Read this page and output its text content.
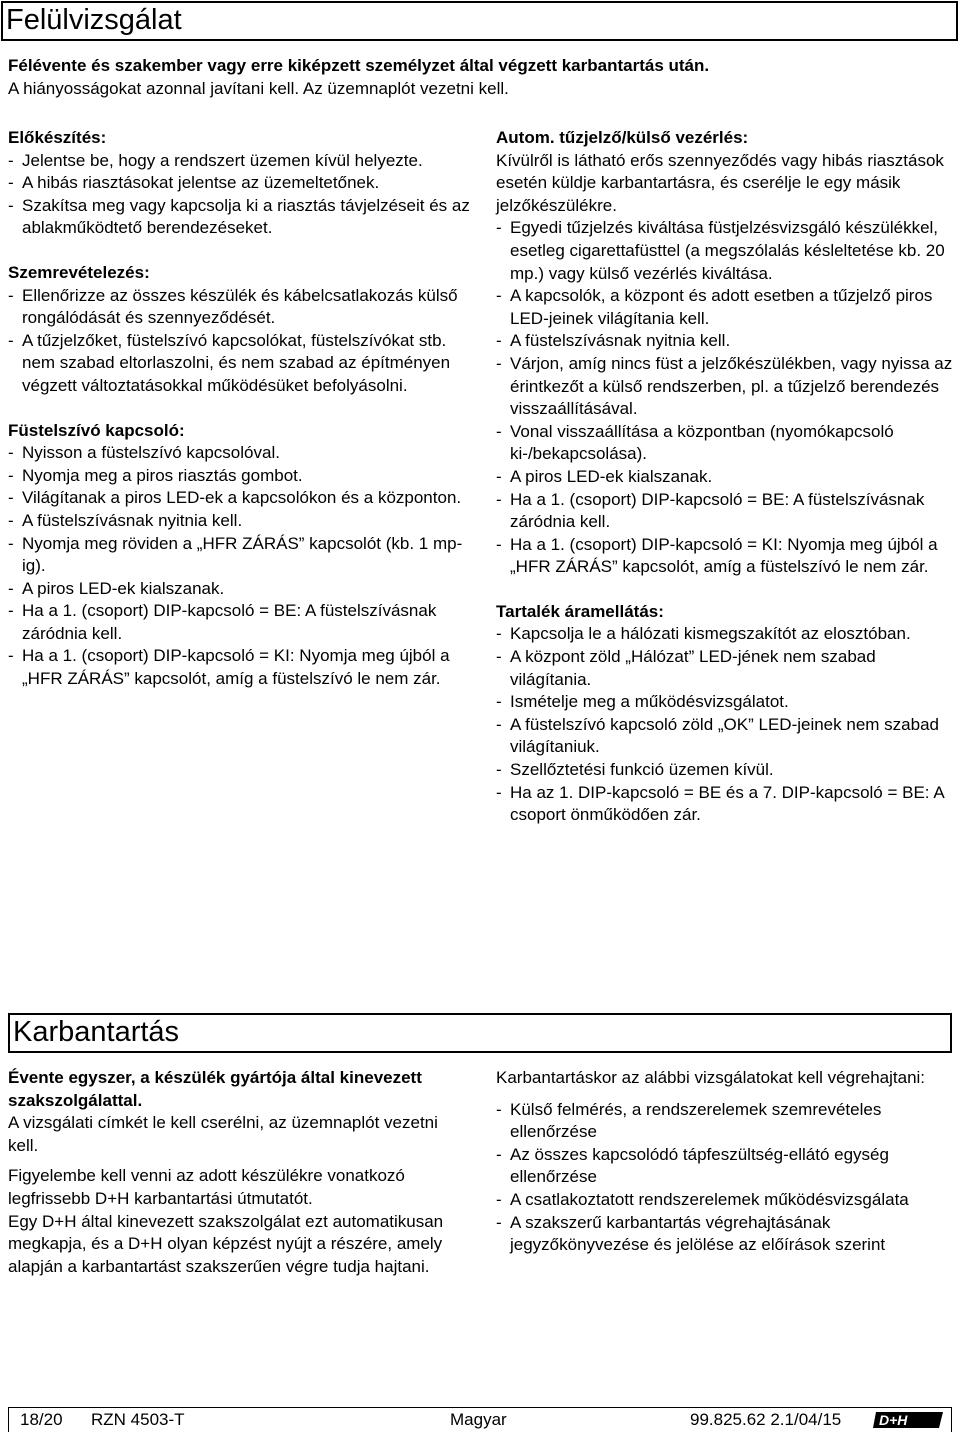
Felülvizsgálat

Félévente és szakember vagy erre kiképzett személyzet által végzett karbantartás után.

A hiányosságokat azonnal javítani kell. Az üzemnaplót vezetni kell.

Előkészítés:

- Jelentse be, hogy a rendszert üzemen kívül helyezte.
- A hibás riasztásokat jelentse az üzemeltetőnek.
- Szakítsa meg vagy kapcsolja ki a riasztás távjelzéseit és az ablakműködtető berendezéseket.

Szemrevételezés:

- Ellenőrizze az összes készülék és kábelcsatlakozás külső rongálódását és szennyeződését.
- A tűzjelzőket, füstelszívó kapcsolókat, füstelszívókat stb. nem szabad eltorlaszolni, és nem szabad az építményen végzett változtatásokkal működésüket befolyásolni.

Füstelszívó kapcsoló:

- Nyisson a füstelszívó kapcsolóval.
- Nyomja meg a piros riasztás gombot.
- Világítanak a piros LED-ek a kapcsolókon és a központon.
- A füstelszívásnak nyitnia kell.
- Nyomja meg röviden a „HFR ZÁRÁS” kapcsolót (kb. 1 mp-ig).
- A piros LED-ek kialszanak.
- Ha a 1. (csoport) DIP-kapcsoló = BE: A füstelszívásnak záródnia kell.
- Ha a 1. (csoport) DIP-kapcsoló = KI: Nyomja meg újból a „HFR ZÁRÁS” kapcsolót, amíg a füstelszívó le nem zár.

Autom. tűzjelző/külső vezérlés:

Kívülről is látható erős szennyeződés vagy hibás riasztások esetén küldje karbantartásra, és cserélje le egy másik jelzőkészülékre.

- Egyedi tűzjelzés kiváltása füstjelzésvizsgáló készülékkel, esetleg cigarettafüsttel (a megszólalás késleltetése kb. 20 mp.) vagy külső vezérlés kiváltása.
- A kapcsolók, a központ és adott esetben a tűzjelző piros LED-jeinek világítania kell.
- A füstelszívásnak nyitnia kell.
- Várjon, amíg nincs füst a jelzőkészülékben, vagy nyissa az érintkezőt a külső rendszerben, pl. a tűzjelző berendezés visszaállításával.
- Vonal visszaállítása a központban (nyomókapcsoló ki-/bekapcsolása).
- A piros LED-ek kialszanak.
- Ha a 1. (csoport) DIP-kapcsoló = BE: A füstelszívásnak záródnia kell.
- Ha a 1. (csoport) DIP-kapcsoló = KI: Nyomja meg újból a „HFR ZÁRÁS” kapcsolót, amíg a füstelszívó le nem zár.

Tartalék áramellátás:

- Kapcsolja le a hálózati kismegszakítót az elosztóban.
- A központ zöld „Hálózat” LED-jének nem szabad világítania.
- Ismételje meg a működésvizsgálatot.
- A füstelszívó kapcsoló zöld „OK” LED-jeinek nem szabad világítaniuk.
- Szellőztetési funkció üzemen kívül.
- Ha az 1. DIP-kapcsoló = BE és a 7. DIP-kapcsoló = BE: A csoport önműködően zár.
Karbantartás

Évente egyszer, a készülék gyártója által kinevezett szakszolgálattal.

A vizsgálati címkét le kell cserélni, az üzemnaplót vezetni kell.

Figyelembe kell venni az adott készülékre vonatkozó legfrissebb D+H karbantartási útmutatót.

Egy D+H által kinevezett szakszolgálat ezt automatikusan megkapja, és a D+H olyan képzést nyújt a részére, amely alapján a karbantartást szakszerűen végre tudja hajtani.

Karbantartáskor az alábbi vizsgálatokat kell végrehajtani:

- Külső felmérés, a rendszerelemek szemrevételes ellenőrzése
- Az összes kapcsolódó tápfeszültség-ellátó egység ellenőrzése
- A csatlakoztatott rendszerelemek működésvizsgálata
- A szakszerű karbantartás végrehajtásának jegyzőkönyvezése és jelölése az előírások szerint
18/20 RZN 4503-T	Magyar	99.825.62 2.1/04/15	D+H
